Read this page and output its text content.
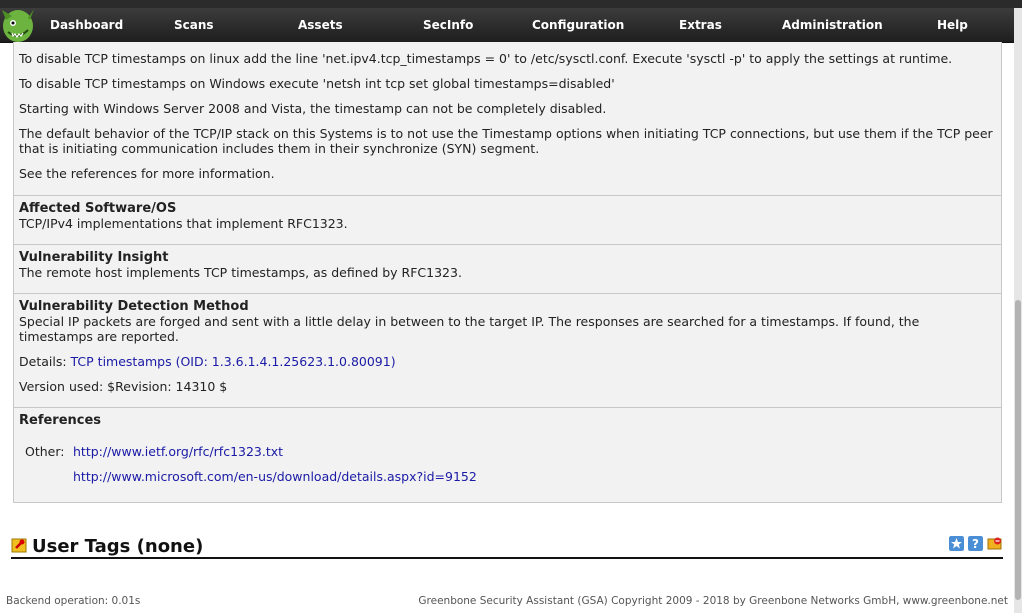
Dashboard	Scans	Assets	SecInfo	Configuration	Extras	Administration	Help
To disable TCP timestamps on linux add the line 'net.ipv4.tcp_timestamps = 0' to /etc/sysctl.conf. Execute 'sysctl -p' to apply the settings at runtime.
To disable TCP timestamps on Windows execute 'netsh int tcp set global timestamps=disabled'
Starting with Windows Server 2008 and Vista, the timestamp can not be completely disabled.
The default behavior of the TCP/IP stack on this Systems is to not use the Timestamp options when initiating TCP connections, but use them if the TCP peer that is initiating communication includes them in their synchronize (SYN) segment.
See the references for more information.
Affected Software/OS
TCP/IPv4 implementations that implement RFC1323.
Vulnerability Insight
The remote host implements TCP timestamps, as defined by RFC1323.
Vulnerability Detection Method
Special IP packets are forged and sent with a little delay in between to the target IP. The responses are searched for a timestamps. If found, the timestamps are reported.
Details: TCP timestamps (OID: 1.3.6.1.4.1.25623.1.0.80091)
Version used: $Revision: 14310 $
References
Other: http://www.ietf.org/rfc/rfc1323.txt
http://www.microsoft.com/en-us/download/details.aspx?id=9152
User Tags (none)	?
Backend operation: 0.01s	Greenbone Security Assistant (GSA) Copyright 2009 - 2018 by Greenbone Networks GmbH, www.greenbone.net
